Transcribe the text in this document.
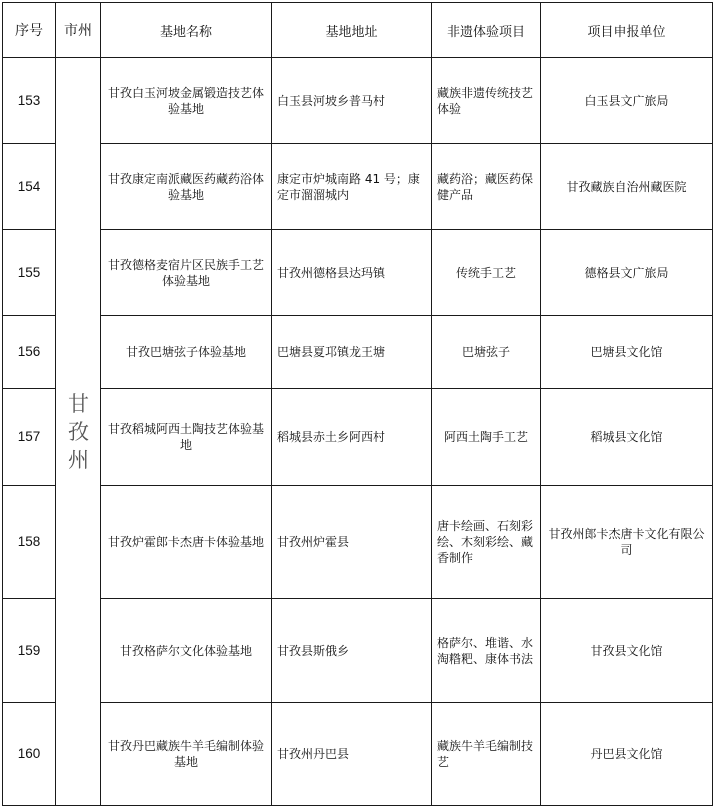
序号	市州	基地名称	基地地址	非遗体验项目	项目申报单位
153	甘孜州	甘孜白玉河坡金属锻造技艺体验基地	白玉县河坡乡普马村	藏族非遗传统技艺体验	白玉县文广旅局
154		甘孜康定南派藏医药藏药浴体验基地	康定市炉城南路 41 号；康定市溜溜城内	藏药浴；藏医药保健产品	甘孜藏族自治州藏医院
155		甘孜德格麦宿片区民族手工艺体验基地	甘孜州德格县达玛镇	传统手工艺	德格县文广旅局
156		甘孜巴塘弦子体验基地	巴塘县夏邛镇龙王塘	巴塘弦子	巴塘县文化馆
157		甘孜稻城阿西土陶技艺体验基地	稻城县赤土乡阿西村	阿西土陶手工艺	稻城县文化馆
158		甘孜炉霍郎卡杰唐卡体验基地	甘孜州炉霍县	唐卡绘画、石刻彩绘、木刻彩绘、藏香制作	甘孜州郎卡杰唐卡文化有限公司
159		甘孜格萨尔文化体验基地	甘孜县斯俄乡	格萨尔、堆谐、水淘糌粑、康体书法	甘孜县文化馆
160		甘孜丹巴藏族牛羊毛编制体验基地	甘孜州丹巴县	藏族牛羊毛编制技艺	丹巴县文化馆
